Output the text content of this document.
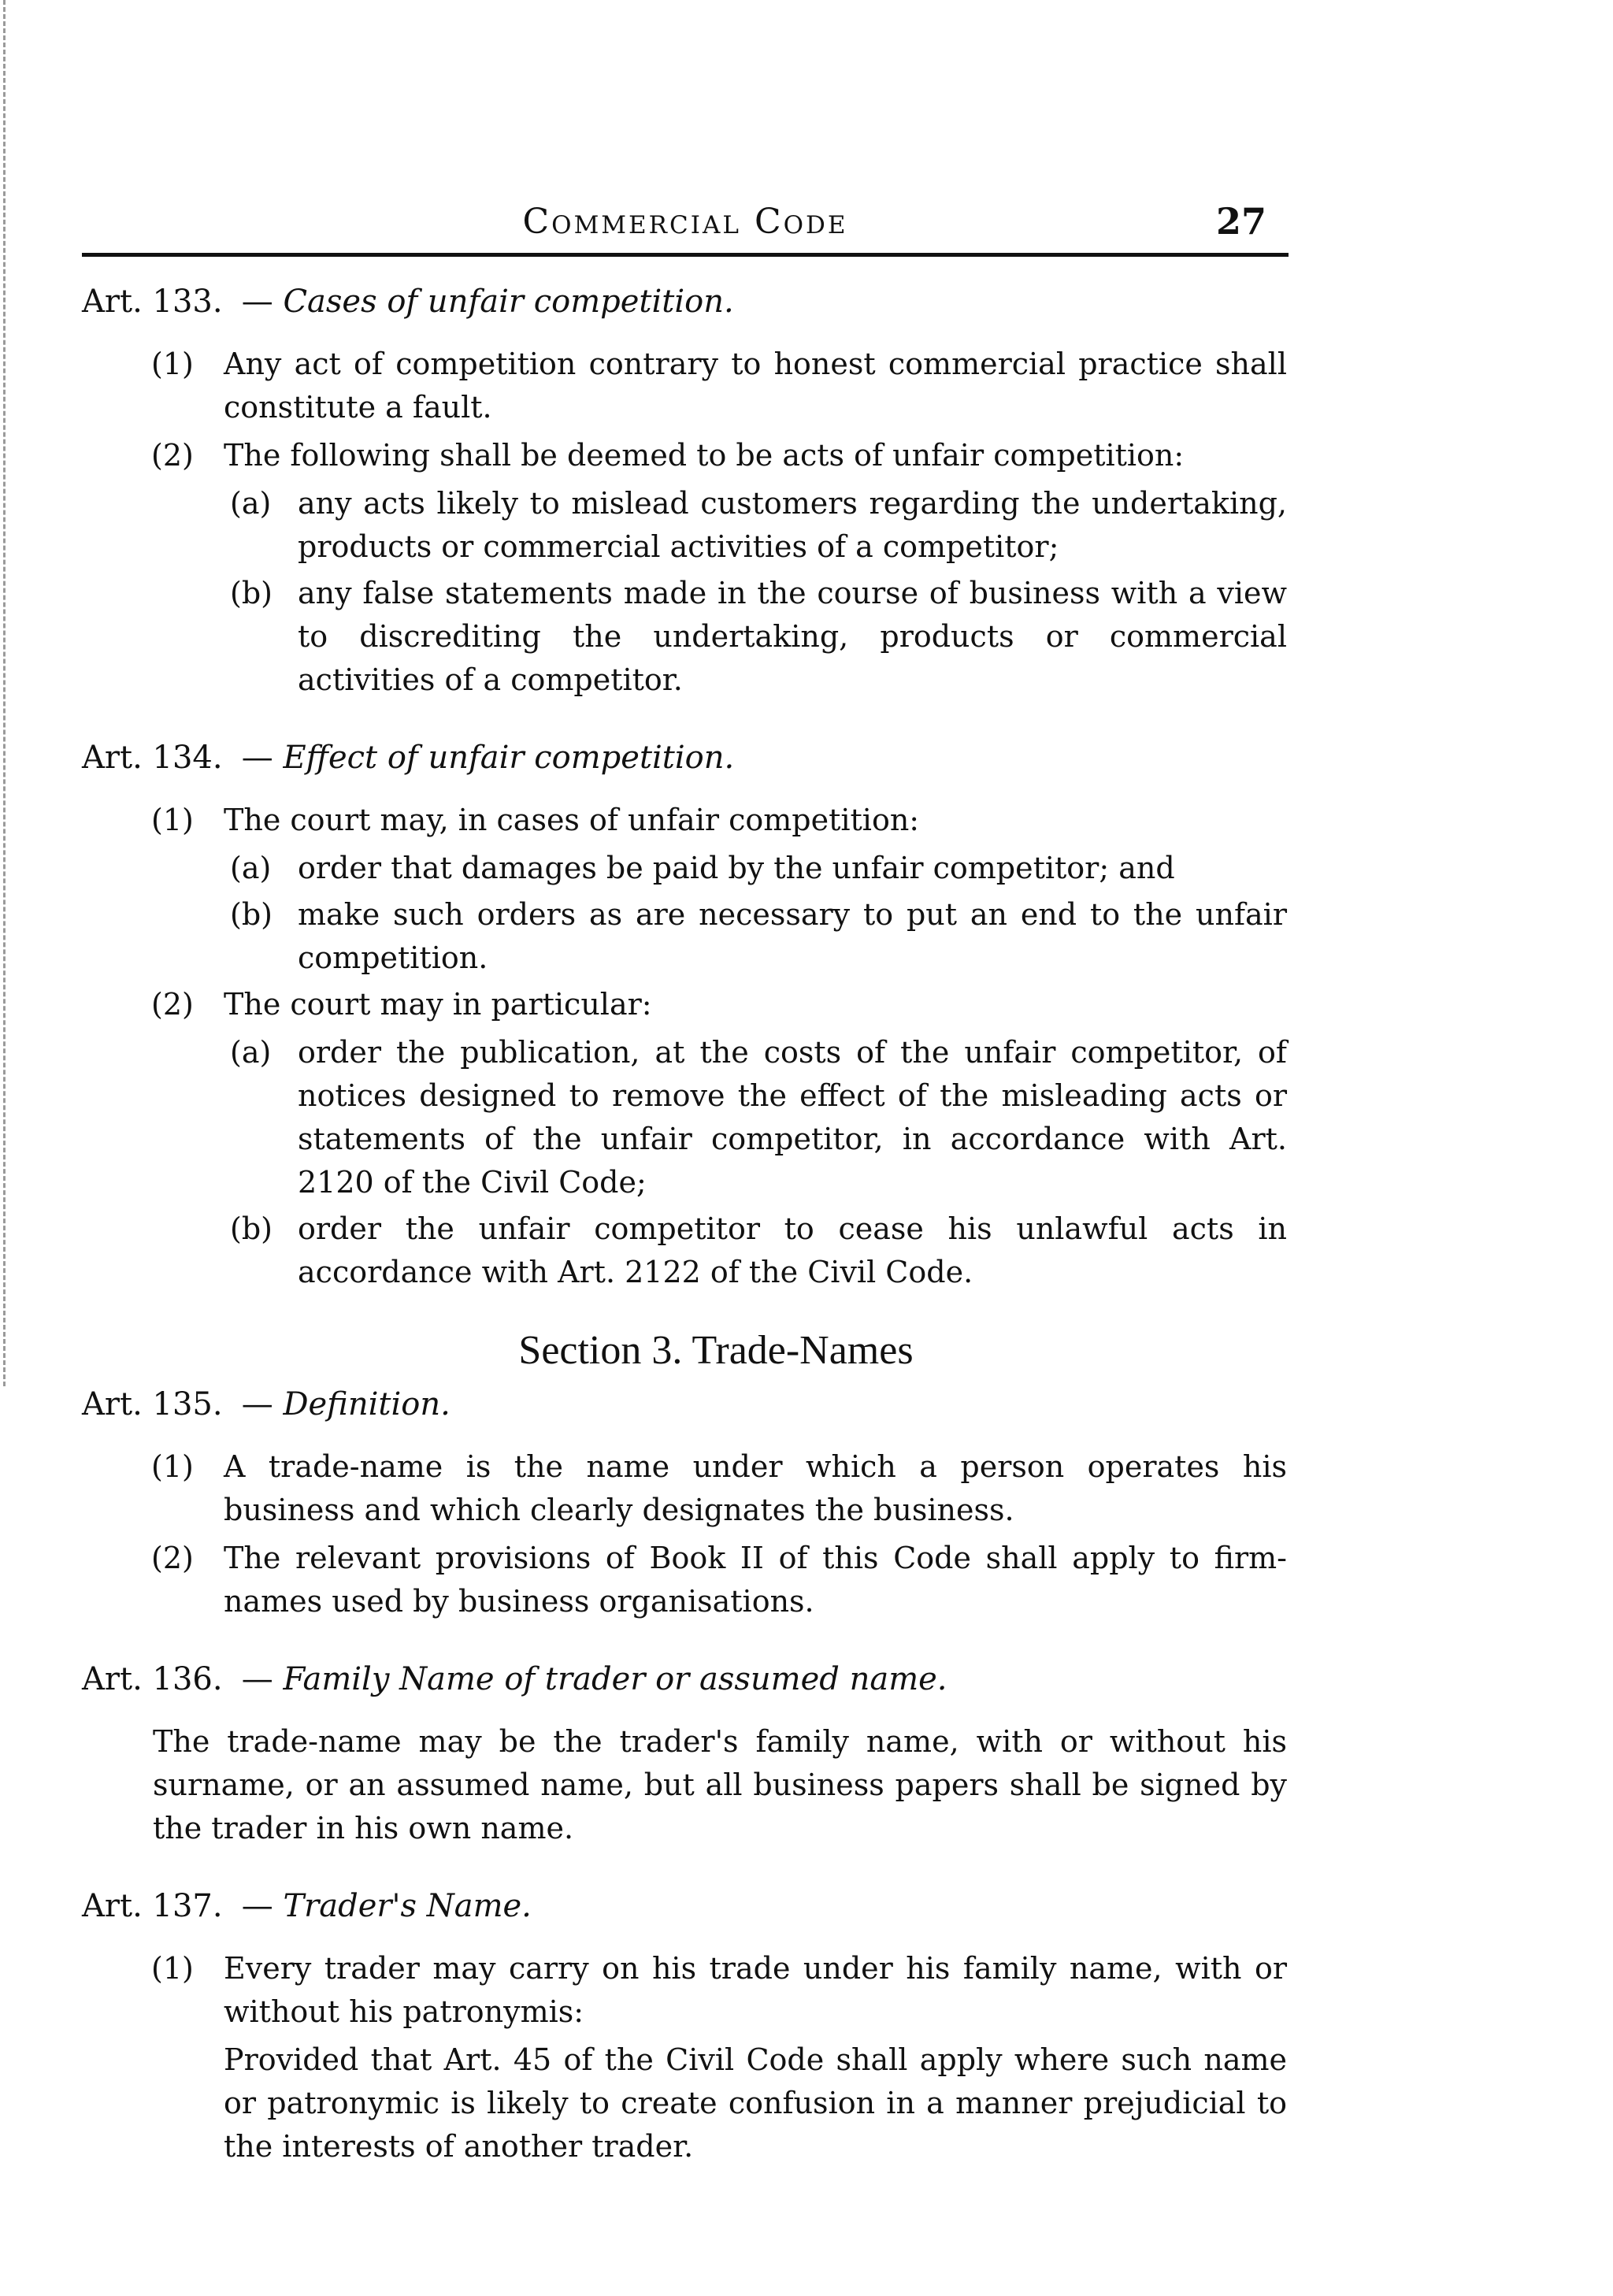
Commercial Code	27
Art. 133. — Cases of unfair competition.

(1) Any act of competition contrary to honest commercial practice shall constitute a fault.

(2) The following shall be deemed to be acts of unfair competition:

(a) any acts likely to mislead customers regarding the undertaking, products or commercial activities of a competitor;

(b) any false statements made in the course of business with a view to discrediting the undertaking, products or commercial activities of a competitor.

Art. 134. — Effect of unfair competition.

(1) The court may, in cases of unfair competition:

(a) order that damages be paid by the unfair competitor; and

(b) make such orders as are necessary to put an end to the unfair competition.

(2) The court may in particular:

(a) order the publication, at the costs of the unfair competitor, of notices designed to remove the effect of the misleading acts or statements of the unfair competitor, in accordance with Art. 2120 of the Civil Code;

(b) order the unfair competitor to cease his unlawful acts in accordance with Art. 2122 of the Civil Code.

Section 3. Trade-Names
Art. 135. — Definition.

(1) A trade-name is the name under which a person operates his business and which clearly designates the business.

(2) The relevant provisions of Book II of this Code shall apply to firm-names used by business organisations.

Art. 136. — Family Name of trader or assumed name.

The trade-name may be the trader's family name, with or without his surname, or an assumed name, but all business papers shall be signed by the trader in his own name.

Art. 137. — Trader's Name.

(1) Every trader may carry on his trade under his family name, with or without his patronymis:

Provided that Art. 45 of the Civil Code shall apply where such name or patronymic is likely to create confusion in a manner prejudicial to the interests of another trader.
